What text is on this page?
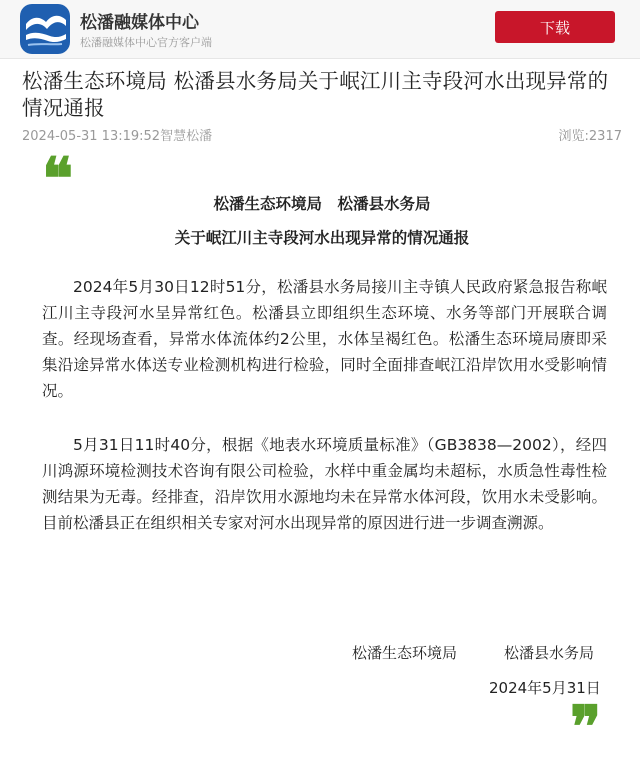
松潘融媒体中心
松潘融媒体中心官方客户端
下载
松潘生态环境局 松潘县水务局关于岷江川主寺段河水出现异常的情况通报
2024-05-31 13:19:52智慧松潘	浏览:2317
❝	松潘生态环境局　松潘县水务局
关于岷江川主寺段河水出现异常的情况通报
2024年5月30日12时51分，松潘县水务局接川主寺镇人民政府紧急报告称岷江川主寺段河水呈异常红色。松潘县立即组织生态环境、水务等部门开展联合调查。经现场查看，异常水体流体约2公里，水体呈褐红色。松潘生态环境局赓即采集沿途异常水体送专业检测机构进行检验，同时全面排查岷江沿岸饮用水受影响情况。
5月31日11时40分，根据《地表水环境质量标准》（GB3838—2002），经四川鸿源环境检测技术咨询有限公司检验，水样中重金属均未超标，水质急性毒性检测结果为无毒。经排查，沿岸饮用水源地均未在异常水体河段，饮用水未受影响。目前松潘县正在组织相关专家对河水出现异常的原因进行进一步调查溯源。
松潘生态环境局	松潘县水务局
2024年5月31日
❞
